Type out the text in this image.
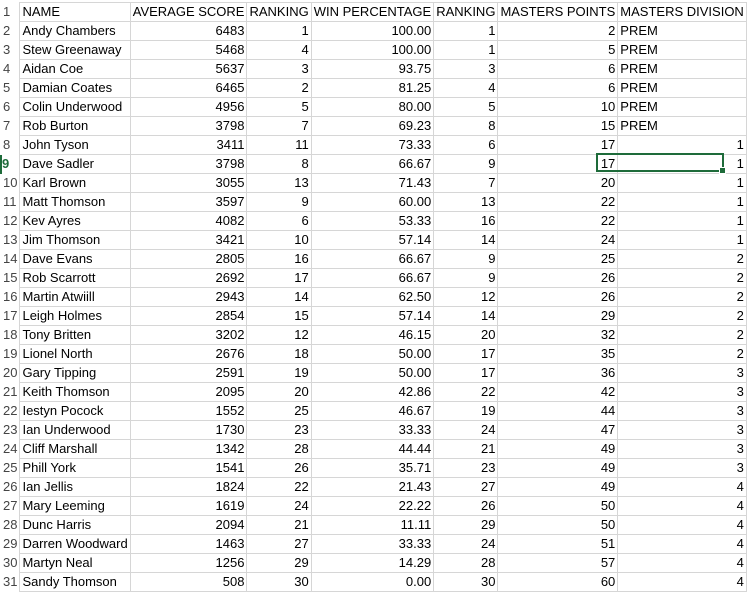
1	NAME	AVERAGE SCORE	RANKING	WIN PERCENTAGE	RANKING	MASTERS POINTS	MASTERS DIVISION
2	Andy Chambers	6483	1	100.00	1	2	PREM
3	Stew Greenaway	5468	4	100.00	1	5	PREM
4	Aidan Coe	5637	3	93.75	3	6	PREM
5	Damian Coates	6465	2	81.25	4	6	PREM
6	Colin Underwood	4956	5	80.00	5	10	PREM
7	Rob Burton	3798	7	69.23	8	15	PREM
8	John Tyson	3411	11	73.33	6	17	1
9	Dave Sadler	3798	8	66.67	9	17	1
10	Karl Brown	3055	13	71.43	7	20	1
11	Matt Thomson	3597	9	60.00	13	22	1
12	Kev Ayres	4082	6	53.33	16	22	1
13	Jim Thomson	3421	10	57.14	14	24	1
14	Dave Evans	2805	16	66.67	9	25	2
15	Rob Scarrott	2692	17	66.67	9	26	2
16	Martin Atwiill	2943	14	62.50	12	26	2
17	Leigh Holmes	2854	15	57.14	14	29	2
18	Tony Britten	3202	12	46.15	20	32	2
19	Lionel North	2676	18	50.00	17	35	2
20	Gary Tipping	2591	19	50.00	17	36	3
21	Keith Thomson	2095	20	42.86	22	42	3
22	Iestyn Pocock	1552	25	46.67	19	44	3
23	Ian Underwood	1730	23	33.33	24	47	3
24	Cliff Marshall	1342	28	44.44	21	49	3
25	Phill York	1541	26	35.71	23	49	3
26	Ian Jellis	1824	22	21.43	27	49	4
27	Mary Leeming	1619	24	22.22	26	50	4
28	Dunc Harris	2094	21	11.11	29	50	4
29	Darren Woodward	1463	27	33.33	24	51	4
30	Martyn Neal	1256	29	14.29	28	57	4
31	Sandy Thomson	508	30	0.00	30	60	4
